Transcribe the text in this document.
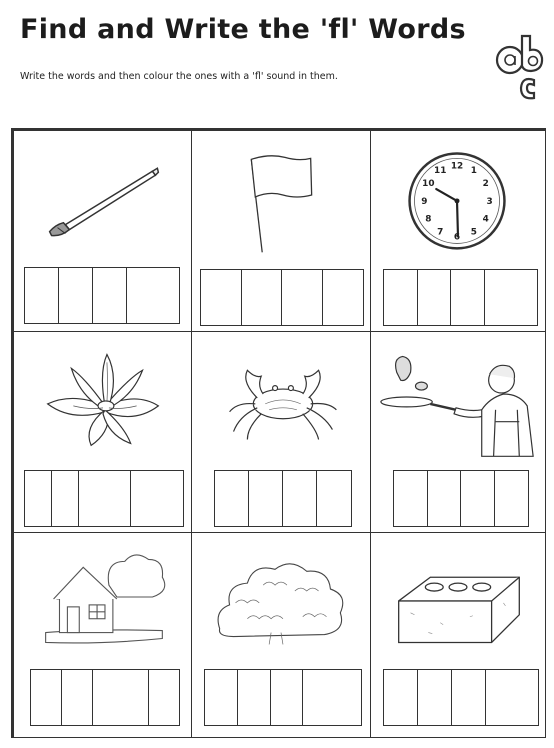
Find and Write the 'fl' Words
Write the words and then colour the ones with a 'fl' sound in them.
12 1
2
3
4
5
6
7
8
9
10
11
